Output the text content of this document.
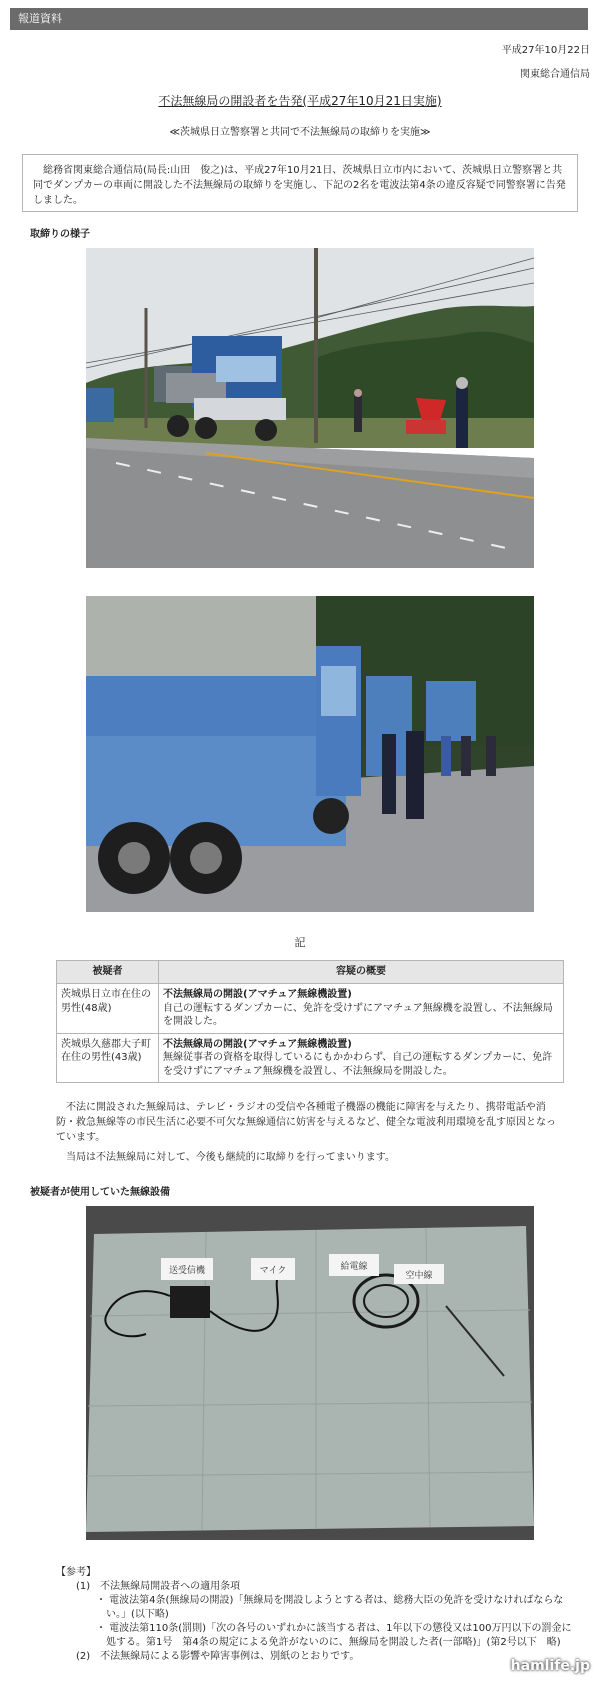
報道資料
平成27年10月22日
関東総合通信局
不法無線局の開設者を告発(平成27年10月21日実施)
≪茨城県日立警察署と共同で不法無線局の取締りを実施≫
総務省関東総合通信局(局長:山田　俊之)は、平成27年10月21日、茨城県日立市内において、茨城県日立警察署と共同でダンプカーの車両に開設した不法無線局の取締りを実施し、下記の2名を電波法第4条の違反容疑で同警察署に告発しました。
取締りの様子
記
被疑者	容疑の概要
茨城県日立市在住の男性(48歳)	不法無線局の開設(アマチュア無線機設置)
自己の運転するダンプカーに、免許を受けずにアマチュア無線機を設置し、不法無線局を開設した。
茨城県久慈郡大子町在住の男性(43歳)	不法無線局の開設(アマチュア無線機設置)
無線従事者の資格を取得しているにもかかわらず、自己の運転するダンプカーに、免許を受けずにアマチュア無線機を設置し、不法無線局を開設した。
不法に開設された無線局は、テレビ・ラジオの受信や各種電子機器の機能に障害を与えたり、携帯電話や消防・救急無線等の市民生活に必要不可欠な無線通信に妨害を与えるなど、健全な電波利用環境を乱す原因となっています。
当局は不法無線局に対して、今後も継続的に取締りを行ってまいります。
被疑者が使用していた無線設備
送受信機	マイク	給電線
空中線
【参考】
(1)　不法無線局開設者への適用条項
・ 電波法第4条(無線局の開設)「無線局を開設しようとする者は、総務大臣の免許を受けなければならない。」(以下略)
・ 電波法第110条(罰則)「次の各号のいずれかに該当する者は、1年以下の懲役又は100万円以下の罰金に処する。第1号　第4条の規定による免許がないのに、無線局を開設した者(一部略)」(第2号以下　略)
(2)　不法無線局による影響や障害事例は、別紙のとおりです。
hamlife.jp
